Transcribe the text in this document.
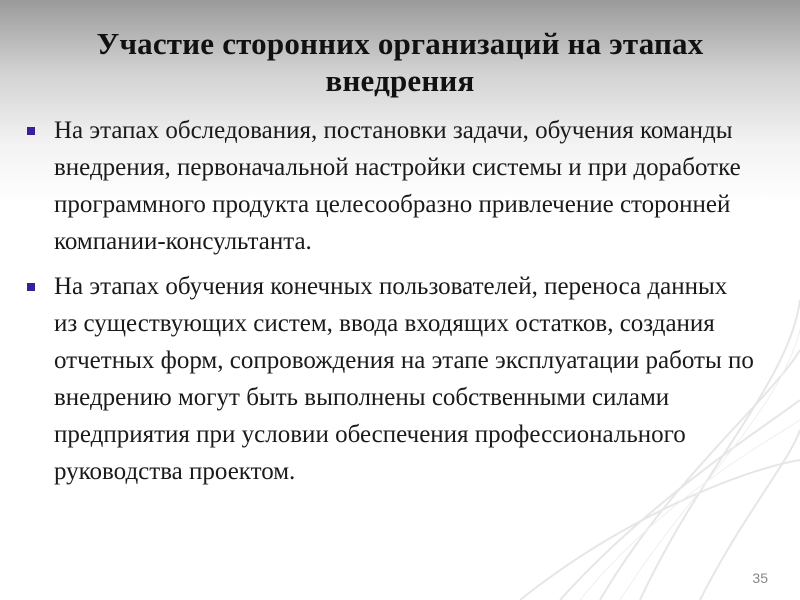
Участие сторонних организаций на этапах внедрения
На этапах обследования, постановки задачи, обучения команды внедрения, первоначальной настройки системы и при доработке программного продукта целесообразно привлечение сторонней компании-консультанта.
На этапах обучения конечных пользователей, переноса данных из существующих систем, ввода входящих остатков, создания отчетных форм, сопровождения на этапе эксплуатации работы по внедрению могут быть выполнены собственными силами предприятия при условии обеспечения профессионального руководства проектом.
35
